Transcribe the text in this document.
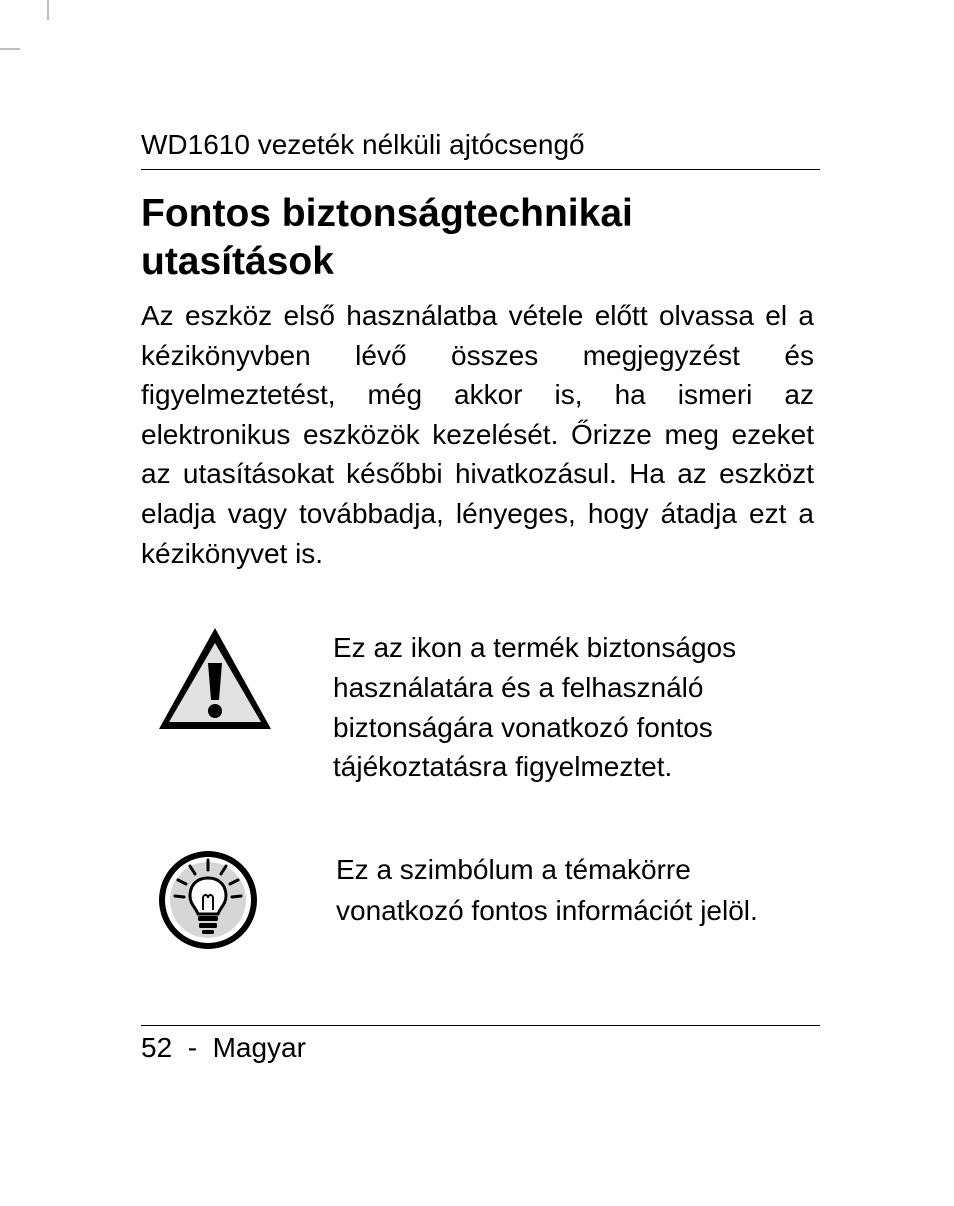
WD1610 vezeték nélküli ajtócsengő
Fontos biztonságtechnikai utasítások

Az eszköz első használatba vétele előtt olvassa el a kézikönyvben lévő összes megjegyzést és figyelmeztetést, még akkor is, ha ismeri az elektronikus eszközök kezelését. Őrizze meg ezeket az utasításokat későbbi hivatkozásul. Ha az eszközt eladja vagy továbbadja, lényeges, hogy átadja ezt a kézikönyvet is.

Ez az ikon a termék biztonságos használatára és a felhasználó biztonságára vonatkozó fontos tájékoztatásra figyelmeztet.

Ez a szimbólum a témakörre vonatkozó fontos információt jelöl.

52  -  Magyar
